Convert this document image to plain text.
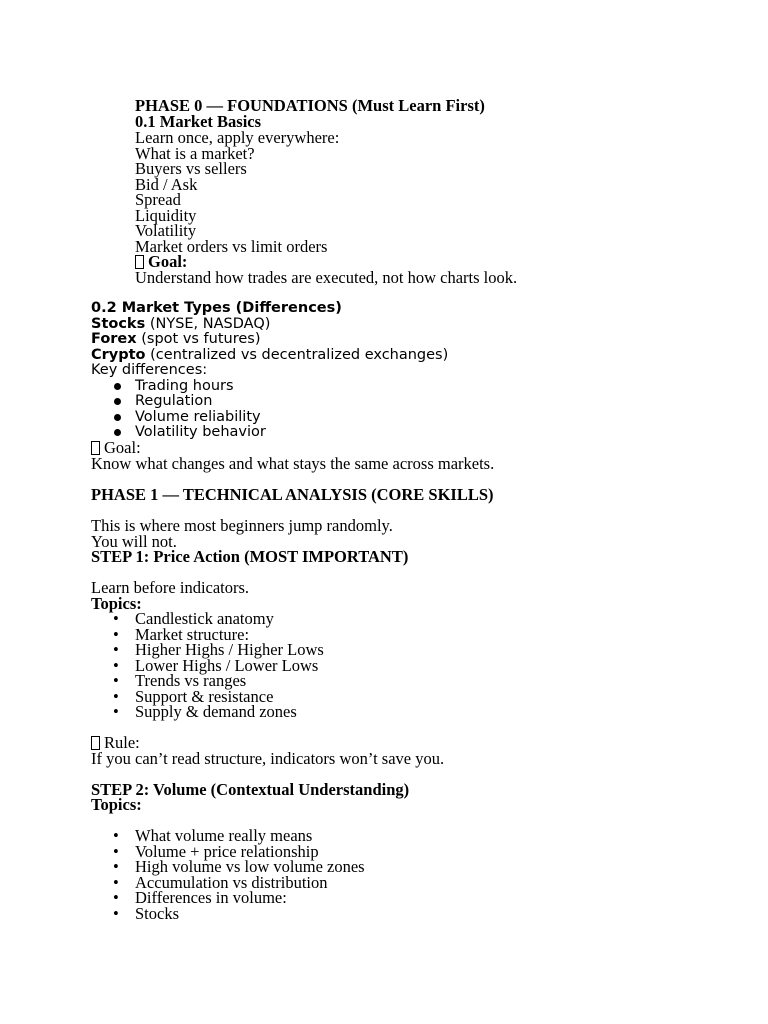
PHASE 0 — FOUNDATIONS (Must Learn First)
0.1 Market Basics
Learn once, apply everywhere:
What is a market?
Buyers vs sellers
Bid / Ask
Spread
Liquidity
Volatility
Market orders vs limit orders
Goal:
Understand how trades are executed, not how charts look.
0.2 Market Types (Differences)
Stocks (NYSE, NASDAQ)
Forex (spot vs futures)
Crypto (centralized vs decentralized exchanges)
Key differences:
Trading hours
Regulation
Volume reliability
Volatility behavior
Goal:
Know what changes and what stays the same across markets.
PHASE 1 — TECHNICAL ANALYSIS (CORE SKILLS)
This is where most beginners jump randomly.
You will not.
STEP 1: Price Action (MOST IMPORTANT)
Learn before indicators.
Topics:
• Candlestick anatomy
• Market structure:
• Higher Highs / Higher Lows
• Lower Highs / Lower Lows
• Trends vs ranges
• Support & resistance
• Supply & demand zones
Rule:
If you can’t read structure, indicators won’t save you.
STEP 2: Volume (Contextual Understanding)
Topics:
• What volume really means
• Volume + price relationship
• High volume vs low volume zones
• Accumulation vs distribution
• Differences in volume:
• Stocks
